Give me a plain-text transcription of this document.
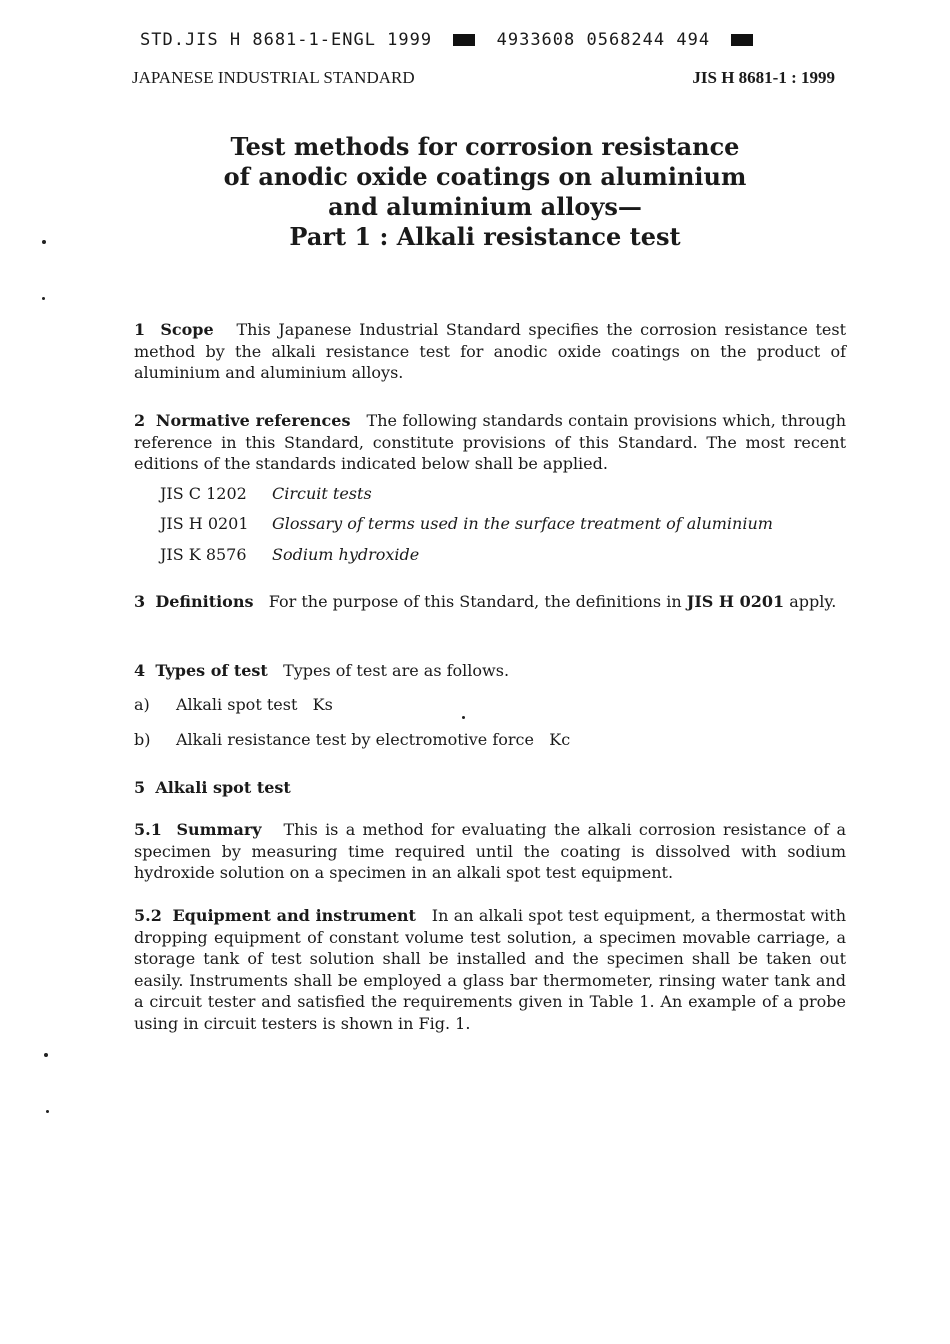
STD.JIS H 8681-1-ENGL 1999	4933608 0568244 494
JAPANESE INDUSTRIAL STANDARD	JIS H 8681-1 : 1999
Test methods for corrosion resistance
of anodic oxide coatings on aluminium
and aluminium alloys—
Part 1 : Alkali resistance test
1 Scope This Japanese Industrial Standard specifies the corrosion resistance test method by the alkali resistance test for anodic oxide coatings on the product of aluminium and aluminium alloys.
2 Normative references The following standards contain provisions which, through reference in this Standard, constitute provisions of this Standard. The most recent editions of the standards indicated below shall be applied.
JIS C 1202 Circuit tests
JIS H 0201 Glossary of terms used in the surface treatment of aluminium
JIS K 8576 Sodium hydroxide
3 Definitions For the purpose of this Standard, the definitions in JIS H 0201 apply.
4 Types of test Types of test are as follows.
a) Alkali spot test Ks
b) Alkali resistance test by electromotive force Kc
5 Alkali spot test
5.1 Summary This is a method for evaluating the alkali corrosion resistance of a specimen by measuring time required until the coating is dissolved with sodium hydroxide solution on a specimen in an alkali spot test equipment.
5.2 Equipment and instrument In an alkali spot test equipment, a thermostat with dropping equipment of constant volume test solution, a specimen movable carriage, a storage tank of test solution shall be installed and the specimen shall be taken out easily. Instruments shall be employed a glass bar thermometer, rinsing water tank and a circuit tester and satisfied the requirements given in Table 1. An example of a probe using in circuit testers is shown in Fig. 1.
